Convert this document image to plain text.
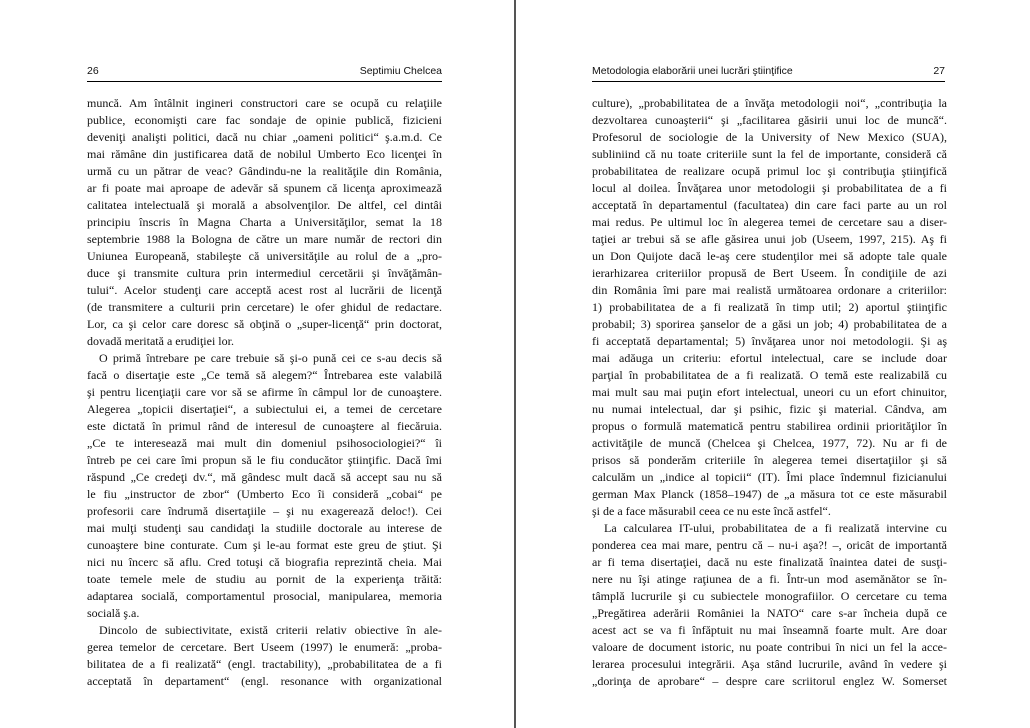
26	Septimiu Chelcea
muncă. Am întâlnit ingineri constructori care se ocupă cu relaţiile
publice, economişti care fac sondaje de opinie publică, fizicieni
deveniţi analişti politici, dacă nu chiar „oameni politici“ ş.a.m.d. Ce
mai rămâne din justificarea dată de nobilul Umberto Eco licenţei în
urmă cu un pătrar de veac? Gândindu-ne la realităţile din România,
ar fi poate mai aproape de adevăr să spunem că licenţa aproximează
calitatea intelectuală şi morală a absolvenţilor. De altfel, cel dintâi
principiu înscris în Magna Charta a Universităţilor, semat la 18
septembrie 1988 la Bologna de către un mare număr de rectori din
Uniunea Europeană, stabileşte că universităţile au rolul de a „pro-
duce şi transmite cultura prin intermediul cercetării şi învăţămân-
tului“. Acelor studenţi care acceptă acest rost al lucrării de licenţă
(de transmitere a culturii prin cercetare) le ofer ghidul de redactare.
Lor, ca şi celor care doresc să obţină o „super-licenţă“ prin doctorat,
dovadă meritată a erudiţiei lor.
O primă întrebare pe care trebuie să şi-o pună cei ce s-au decis să
facă o disertaţie este „Ce temă să alegem?“ Întrebarea este valabilă
şi pentru licenţiaţii care vor să se afirme în câmpul lor de cunoaştere.
Alegerea „topicii disertaţiei“, a subiectului ei, a temei de cercetare
este dictată în primul rând de interesul de cunoaştere al fiecăruia.
„Ce te interesează mai mult din domeniul psihosociologiei?“ îi
întreb pe cei care îmi propun să le fiu conducător ştiinţific. Dacă îmi
răspund „Ce credeţi dv.“, mă gândesc mult dacă să accept sau nu să
le fiu „instructor de zbor“ (Umberto Eco îi consideră „cobai“ pe
profesorii care îndrumă disertaţiile – şi nu exagerează deloc!). Cei
mai mulţi studenţi sau candidaţi la studiile doctorale au interese de
cunoaştere bine conturate. Cum şi le-au format este greu de ştiut. Şi
nici nu încerc să aflu. Cred totuşi că biografia reprezintă cheia. Mai
toate temele mele de studiu au pornit de la experienţa trăită:
adaptarea socială, comportamentul prosocial, manipularea, memoria
socială ş.a.
Dincolo de subiectivitate, există criterii relativ obiective în ale-
gerea temelor de cercetare. Bert Useem (1997) le enumeră: „proba-
bilitatea de a fi realizată“ (engl. tractability), „probabilitatea de a fi
acceptată în departament“ (engl. resonance with organizational
Metodologia elaborării unei lucrări ştiinţifice	27
culture), „probabilitatea de a învăţa metodologii noi“, „contribuţia la
dezvoltarea cunoaşterii“ şi „facilitarea găsirii unui loc de muncă“.
Profesorul de sociologie de la University of New Mexico (SUA),
subliniind că nu toate criteriile sunt la fel de importante, consideră că
probabilitatea de realizare ocupă primul loc şi contribuţia ştiinţifică
locul al doilea. Învăţarea unor metodologii şi probabilitatea de a fi
acceptată în departamentul (facultatea) din care faci parte au un rol
mai redus. Pe ultimul loc în alegerea temei de cercetare sau a diser-
taţiei ar trebui să se afle găsirea unui job (Useem, 1997, 215). Aş fi
un Don Quijote dacă le-aş cere studenţilor mei să adopte tale quale
ierarhizarea criteriilor propusă de Bert Useem. În condiţiile de azi
din România îmi pare mai realistă următoarea ordonare a criteriilor:
1) probabilitatea de a fi realizată în timp util; 2) aportul ştiinţific
probabil; 3) sporirea şanselor de a găsi un job; 4) probabilitatea de a
fi acceptată departamental; 5) învăţarea unor noi metodologii. Şi aş
mai adăuga un criteriu: efortul intelectual, care se include doar
parţial în probabilitatea de a fi realizată. O temă este realizabilă cu
mai mult sau mai puţin efort intelectual, uneori cu un efort chinuitor,
nu numai intelectual, dar şi psihic, fizic şi material. Cândva, am
propus o formulă matematică pentru stabilirea ordinii priorităţilor în
activităţile de muncă (Chelcea şi Chelcea, 1977, 72). Nu ar fi de
prisos să ponderăm criteriile în alegerea temei disertaţiilor şi să
calculăm un „indice al topicii“ (IT). Îmi place îndemnul fizicianului
german Max Planck (1858–1947) de „a măsura tot ce este măsurabil
şi de a face măsurabil ceea ce nu este încă astfel“.
La calcularea IT-ului, probabilitatea de a fi realizată intervine cu
ponderea cea mai mare, pentru că – nu-i aşa?! –, oricât de importantă
ar fi tema disertaţiei, dacă nu este finalizată înaintea datei de susţi-
nere nu îşi atinge raţiunea de a fi. Într-un mod asemănător se în-
tâmplă lucrurile şi cu subiectele monografiilor. O cercetare cu tema
„Pregătirea aderării României la NATO“ care s-ar încheia după ce
acest act se va fi înfăptuit nu mai înseamnă foarte mult. Are doar
valoare de document istoric, nu poate contribui în nici un fel la acce-
lerarea procesului integrării. Aşa stând lucrurile, având în vedere şi
„dorinţa de aprobare“ – despre care scriitorul englez W. Somerset
